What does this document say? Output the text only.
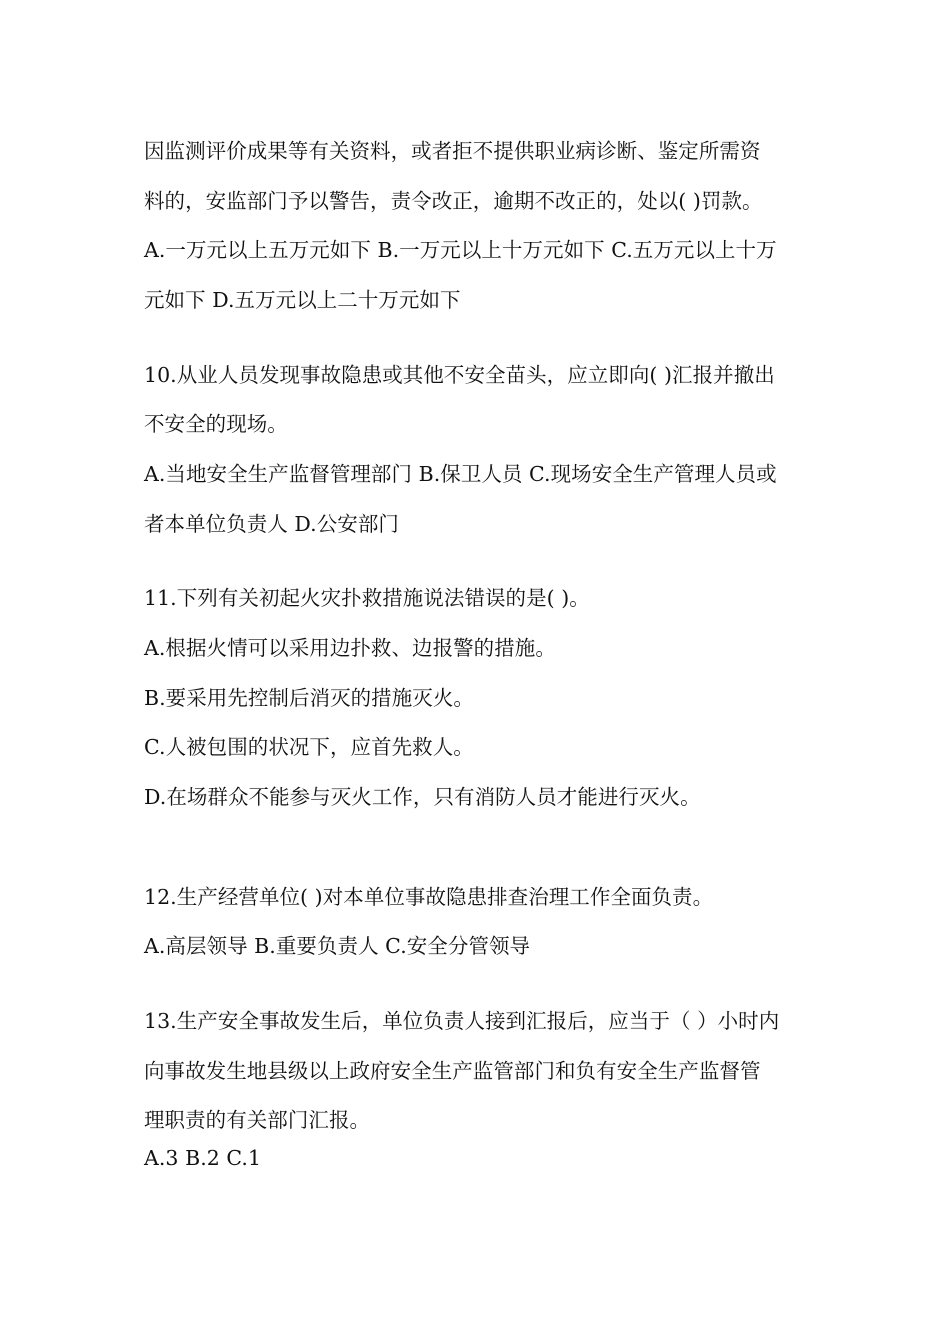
因监测评价成果等有关资料，或者拒不提供职业病诊断、鉴定所需资
料的，安监部门予以警告，责令改正，逾期不改正的，处以( )罚款。
A.一万元以上五万元如下 B.一万元以上十万元如下 C.五万元以上十万
元如下 D.五万元以上二十万元如下
10.从业人员发现事故隐患或其他不安全苗头，应立即向( )汇报并撤出
不安全的现场。
A.当地安全生产监督管理部门 B.保卫人员 C.现场安全生产管理人员或
者本单位负责人 D.公安部门
11.下列有关初起火灾扑救措施说法错误的是( )。
A.根据火情可以采用边扑救、边报警的措施。
B.要采用先控制后消灭的措施灭火。
C.人被包围的状况下，应首先救人。
D.在场群众不能参与灭火工作，只有消防人员才能进行灭火。
12.生产经营单位( )对本单位事故隐患排查治理工作全面负责。
A.高层领导 B.重要负责人 C.安全分管领导
13.生产安全事故发生后，单位负责人接到汇报后，应当于（ ）小时内
向事故发生地县级以上政府安全生产监管部门和负有安全生产监督管
理职责的有关部门汇报。
A.3 B.2 C.1
